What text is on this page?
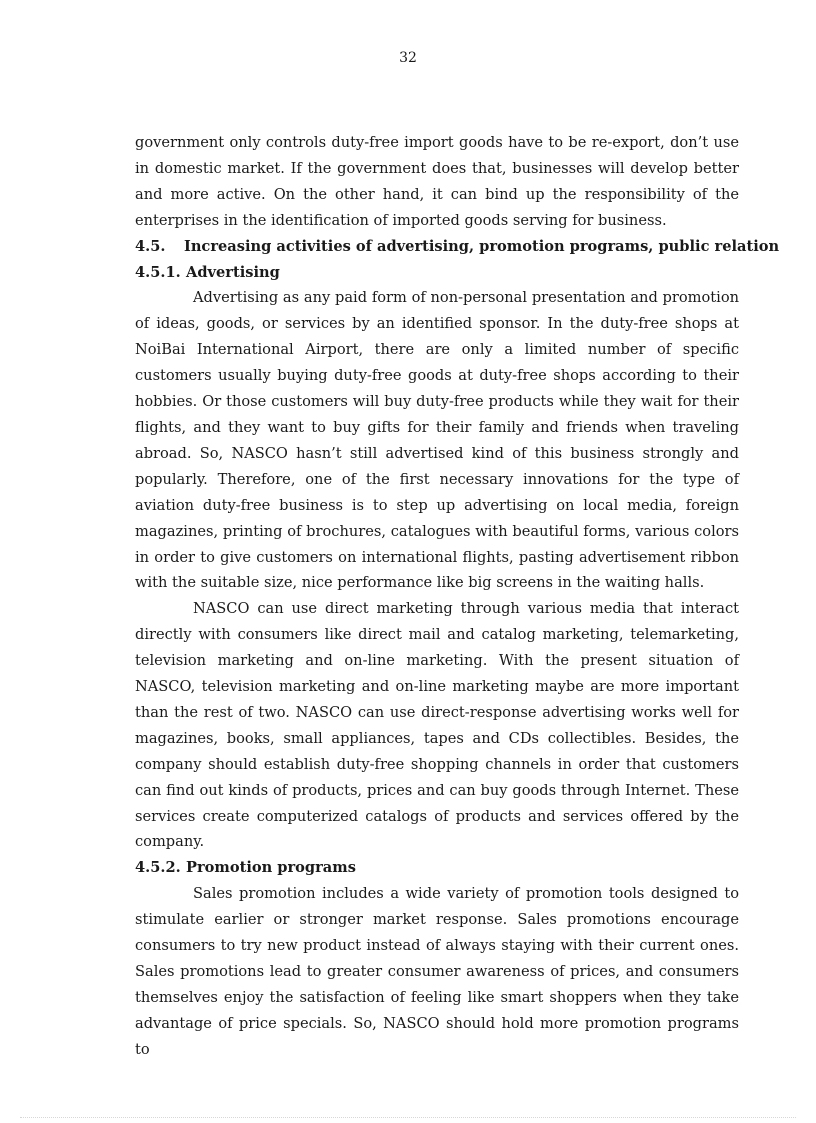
32

government only controls duty-free import goods have to be re-export, don’t use in domestic market. If the government does that, businesses will develop better and more active. On the other hand, it can bind up the responsibility of the enterprises in the identification of imported goods serving for business.

4.5. Increasing activities of advertising, promotion programs, public relation
4.5.1. Advertising

Advertising as any paid form of non-personal presentation and promotion of ideas, goods, or services by an identified sponsor. In the duty-free shops at NoiBai International Airport, there are only a limited number of specific customers usually buying duty-free goods at duty-free shops according to their hobbies. Or those customers will buy duty-free products while they wait for their flights, and they want to buy gifts for their family and friends when traveling abroad. So, NASCO hasn’t still advertised kind of this business strongly and popularly. Therefore, one of the first necessary innovations for the type of aviation duty-free business is to step up advertising on local media, foreign magazines, printing of brochures, catalogues with beautiful forms, various colors in order to give customers on international flights, pasting advertisement ribbon with the suitable size, nice performance like big screens in the waiting halls.

NASCO can use direct marketing through various media that interact directly with consumers like direct mail and catalog marketing, telemarketing, television marketing and on-line marketing. With the present situation of NASCO, television marketing and on-line marketing maybe are more important than the rest of two. NASCO can use direct-response advertising works well for magazines, books, small appliances, tapes and CDs collectibles. Besides, the company should establish duty-free shopping channels in order that customers can find out kinds of products, prices and can buy goods through Internet. These services create computerized catalogs of products and services offered by the company.

4.5.2. Promotion programs

Sales promotion includes a wide variety of promotion tools designed to stimulate earlier or stronger market response. Sales promotions encourage consumers to try new product instead of always staying with their current ones. Sales promotions lead to greater consumer awareness of prices, and consumers themselves enjoy the satisfaction of feeling like smart shoppers when they take advantage of price specials. So, NASCO should hold more promotion programs to
